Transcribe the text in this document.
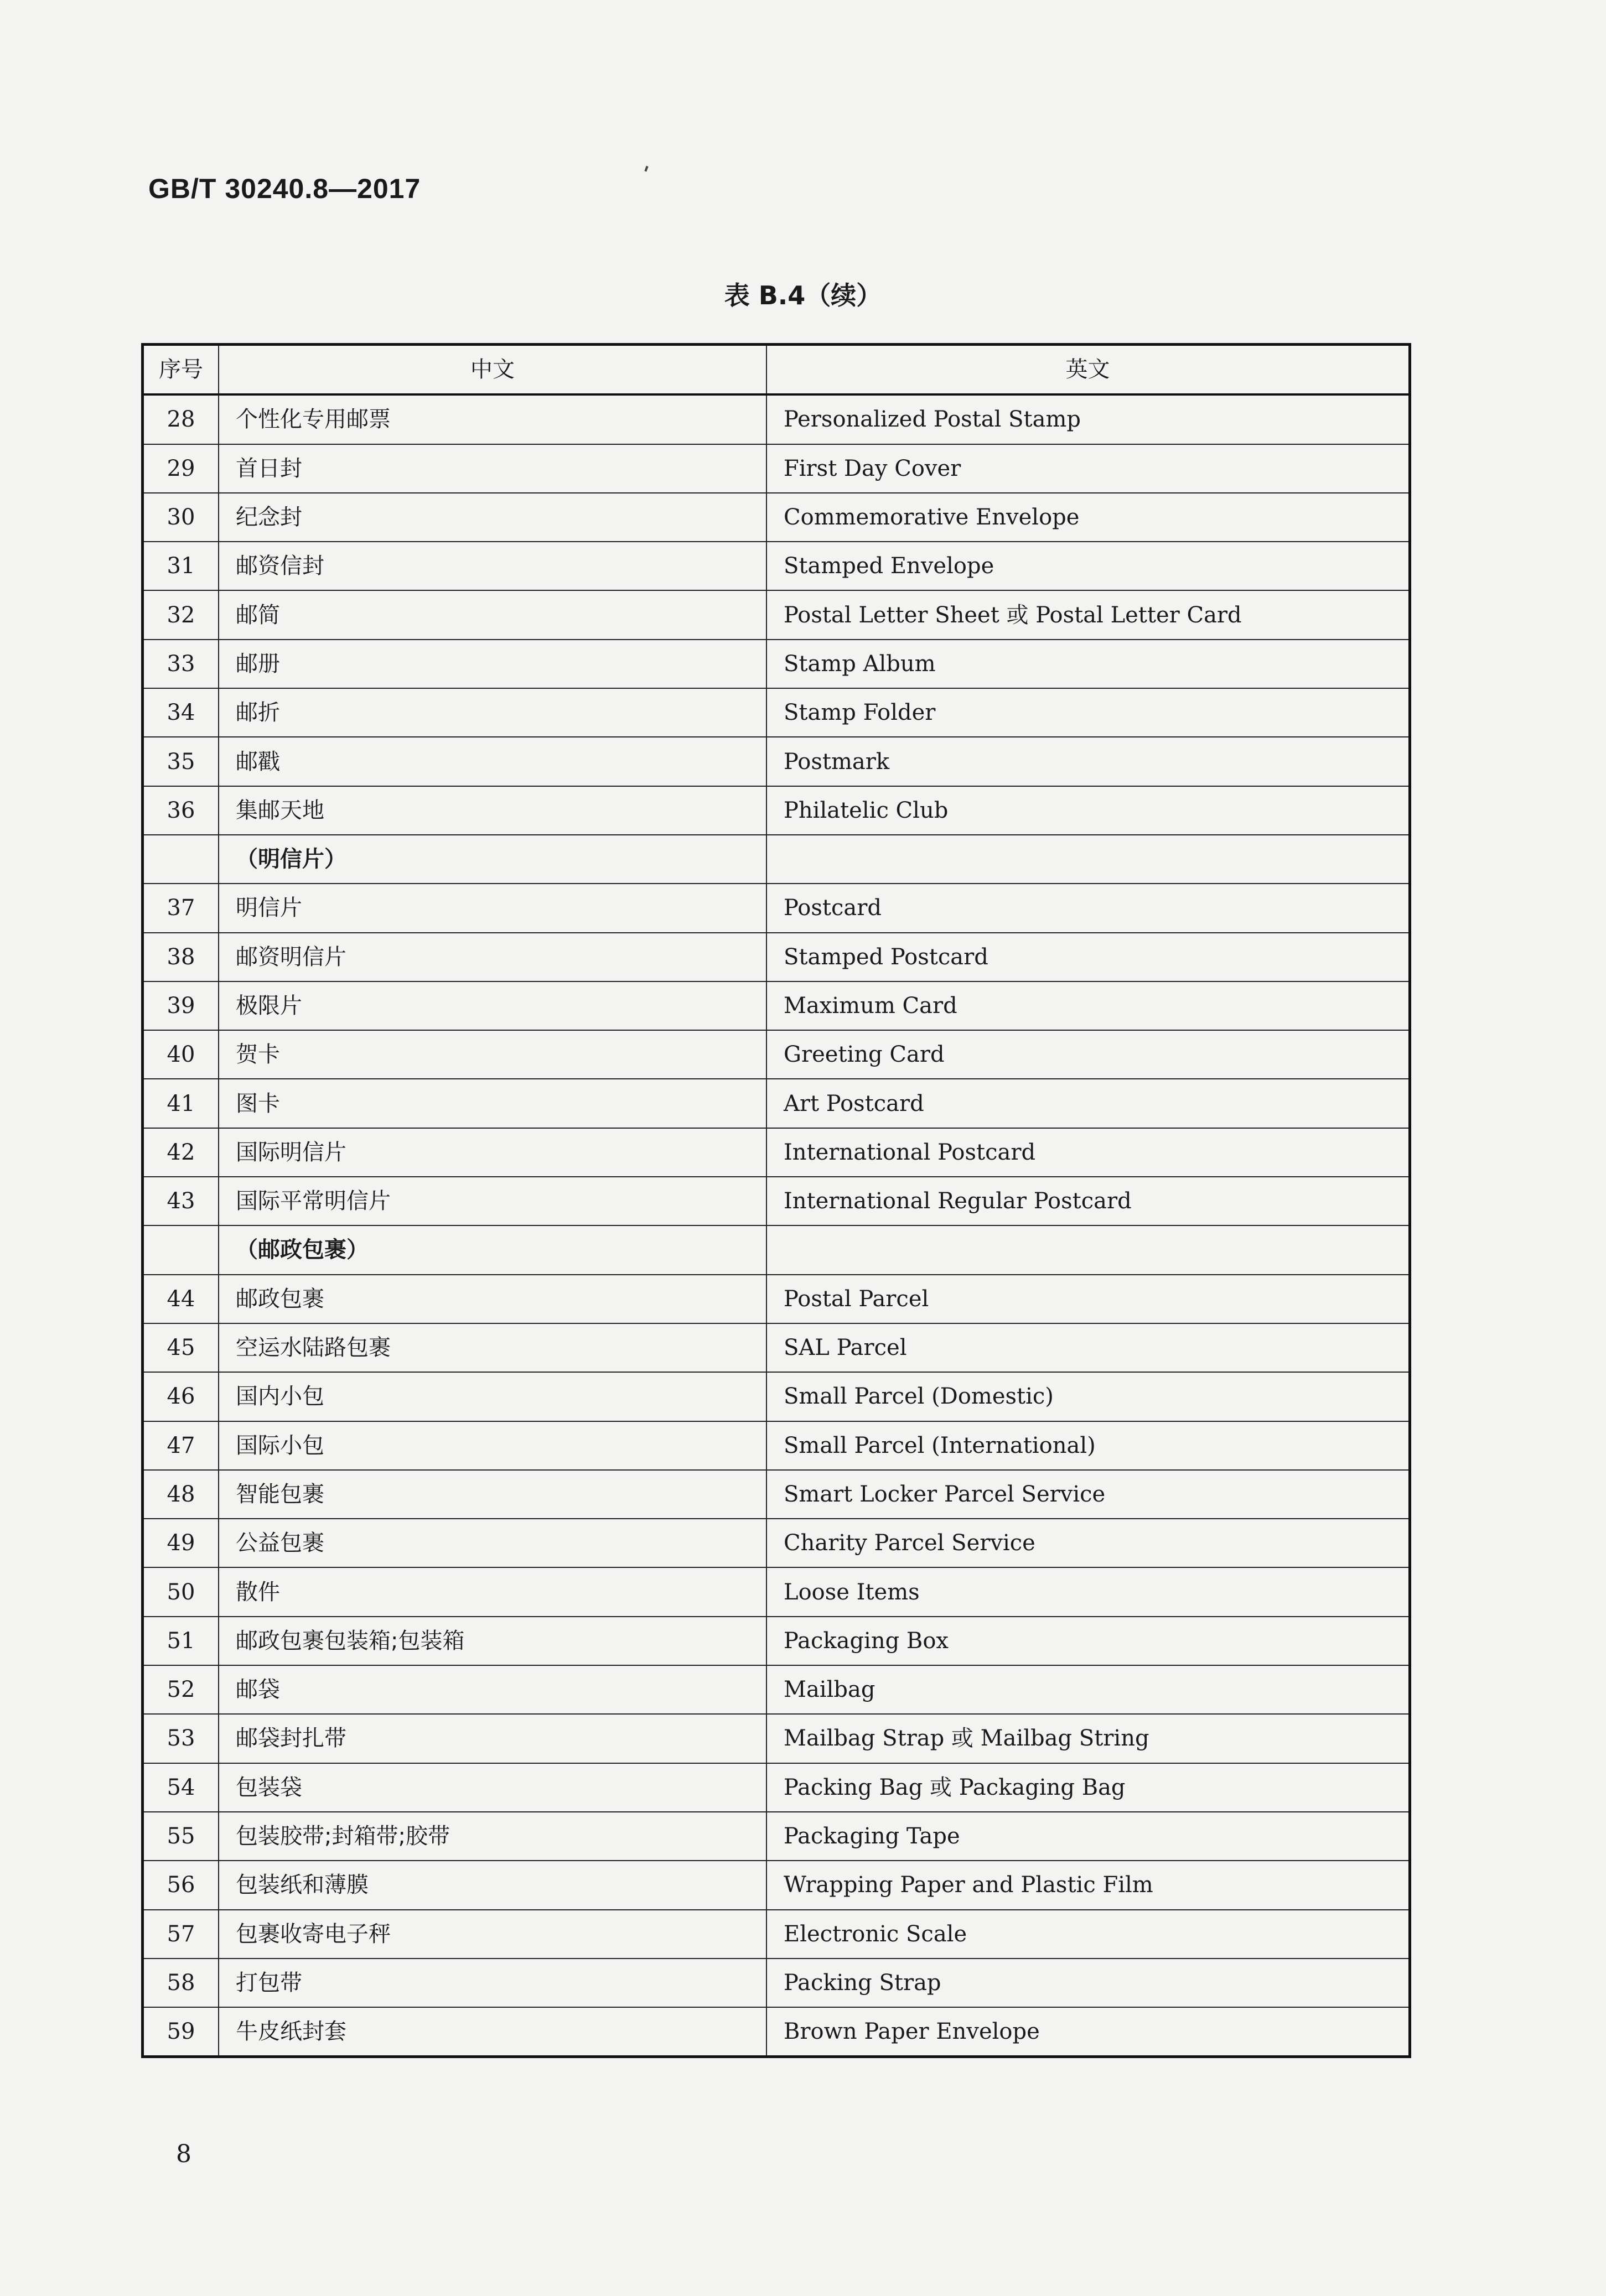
GB/T 30240.8—2017
表 B.4（续）
序号	中文	英文
28	个性化专用邮票	Personalized Postal Stamp
29	首日封	First Day Cover
30	纪念封	Commemorative Envelope
31	邮资信封	Stamped Envelope
32	邮简	Postal Letter Sheet 或 Postal Letter Card
33	邮册	Stamp Album
34	邮折	Stamp Folder
35	邮戳	Postmark
36	集邮天地	Philatelic Club
	（明信片）	
37	明信片	Postcard
38	邮资明信片	Stamped Postcard
39	极限片	Maximum Card
40	贺卡	Greeting Card
41	图卡	Art Postcard
42	国际明信片	International Postcard
43	国际平常明信片	International Regular Postcard
	（邮政包裹）	
44	邮政包裹	Postal Parcel
45	空运水陆路包裹	SAL Parcel
46	国内小包	Small Parcel (Domestic)
47	国际小包	Small Parcel (International)
48	智能包裹	Smart Locker Parcel Service
49	公益包裹	Charity Parcel Service
50	散件	Loose Items
51	邮政包裹包装箱;包装箱	Packaging Box
52	邮袋	Mailbag
53	邮袋封扎带	Mailbag Strap 或 Mailbag String
54	包装袋	Packing Bag 或 Packaging Bag
55	包装胶带;封箱带;胶带	Packaging Tape
56	包装纸和薄膜	Wrapping Paper and Plastic Film
57	包裹收寄电子秤	Electronic Scale
58	打包带	Packing Strap
59	牛皮纸封套	Brown Paper Envelope
8
